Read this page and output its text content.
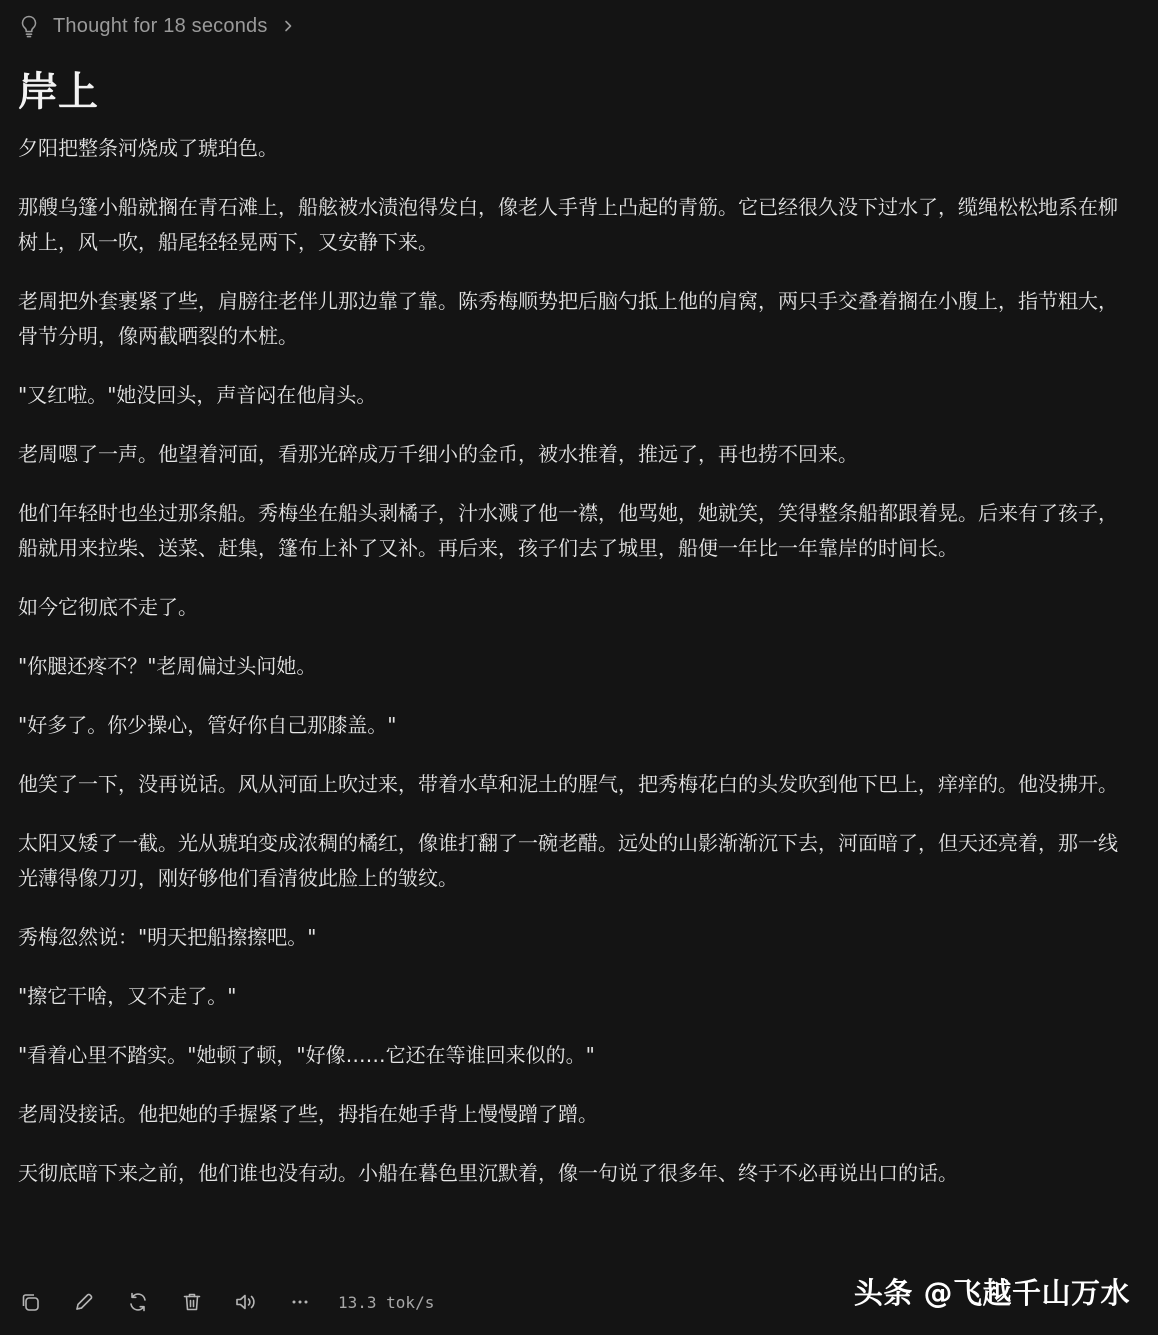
Thought for 18 seconds
岸上

夕阳把整条河烧成了琥珀色。

那艘乌篷小船就搁在青石滩上，船舷被水渍泡得发白，像老人手背上凸起的青筋。它已经很久没下过水了，缆绳松松地系在柳树上，风一吹，船尾轻轻晃两下，又安静下来。

老周把外套裹紧了些，肩膀往老伴儿那边靠了靠。陈秀梅顺势把后脑勺抵上他的肩窝，两只手交叠着搁在小腹上，指节粗大，骨节分明，像两截晒裂的木桩。

"又红啦。"她没回头，声音闷在他肩头。

老周嗯了一声。他望着河面，看那光碎成万千细小的金币，被水推着，推远了，再也捞不回来。

他们年轻时也坐过那条船。秀梅坐在船头剥橘子，汁水溅了他一襟，他骂她，她就笑，笑得整条船都跟着晃。后来有了孩子，船就用来拉柴、送菜、赶集，篷布上补了又补。再后来，孩子们去了城里，船便一年比一年靠岸的时间长。

如今它彻底不走了。

"你腿还疼不？"老周偏过头问她。

"好多了。你少操心，管好你自己那膝盖。"

他笑了一下，没再说话。风从河面上吹过来，带着水草和泥土的腥气，把秀梅花白的头发吹到他下巴上，痒痒的。他没拂开。

太阳又矮了一截。光从琥珀变成浓稠的橘红，像谁打翻了一碗老醋。远处的山影渐渐沉下去，河面暗了，但天还亮着，那一线光薄得像刀刃，刚好够他们看清彼此脸上的皱纹。

秀梅忽然说："明天把船擦擦吧。"

"擦它干啥，又不走了。"

"看着心里不踏实。"她顿了顿，"好像……它还在等谁回来似的。"

老周没接话。他把她的手握紧了些，拇指在她手背上慢慢蹭了蹭。

天彻底暗下来之前，他们谁也没有动。小船在暮色里沉默着，像一句说了很多年、终于不必再说出口的话。

13.3 tok/s	头条 @飞越千山万水
